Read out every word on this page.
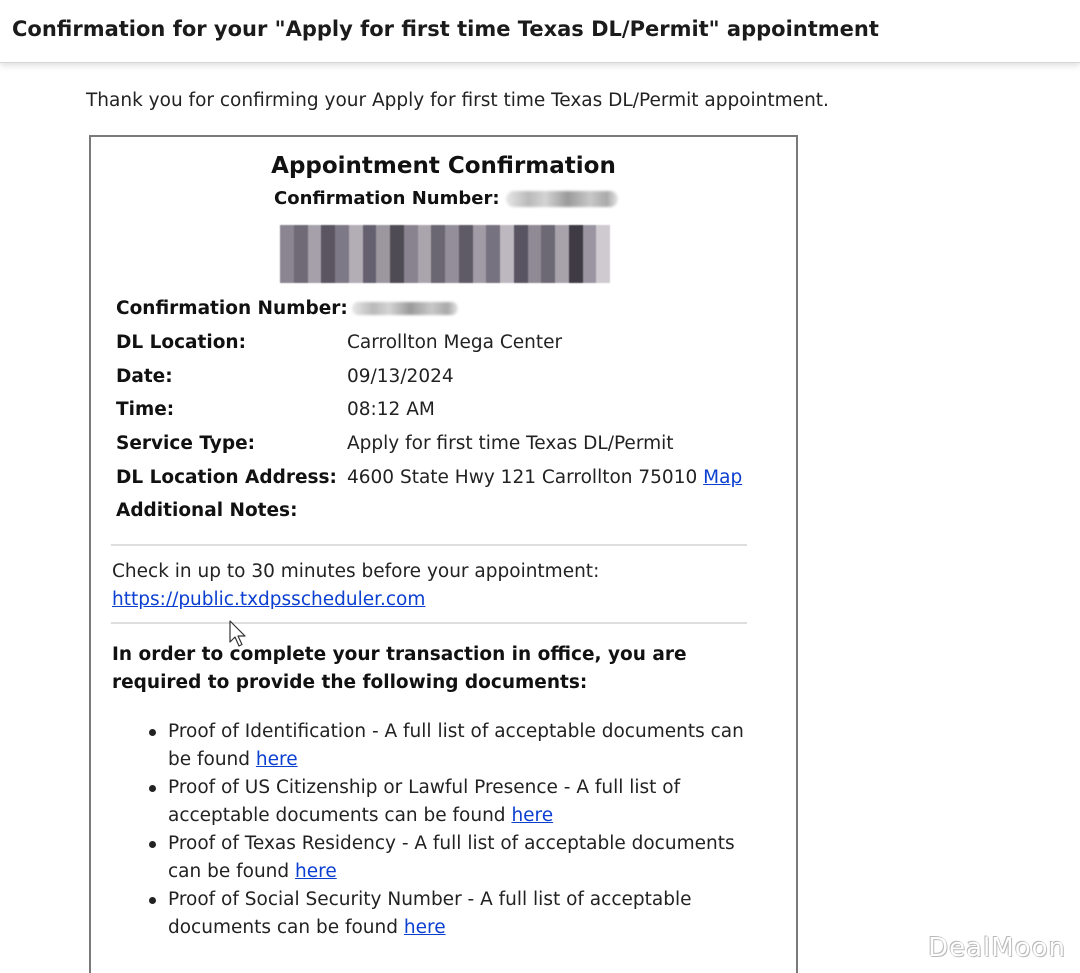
Confirmation for your "Apply for first time Texas DL/Permit" appointment
Thank you for confirming your Apply for first time Texas DL/Permit appointment.
Appointment Confirmation
Confirmation Number:
Confirmation Number:
DL Location:	Carrollton Mega Center
Date:	09/13/2024
Time:	08:12 AM
Service Type:	Apply for first time Texas DL/Permit
DL Location Address: 4600 State Hwy 121 Carrollton 75010 Map
Additional Notes:
Check in up to 30 minutes before your appointment:
https://public.txdpsscheduler.com
In order to complete your transaction in office, you are required to provide the following documents:
Proof of Identification - A full list of acceptable documents can be found here
Proof of US Citizenship or Lawful Presence - A full list of acceptable documents can be found here
Proof of Texas Residency - A full list of acceptable documents can be found here
Proof of Social Security Number - A full list of acceptable documents can be found here
DealMoon
